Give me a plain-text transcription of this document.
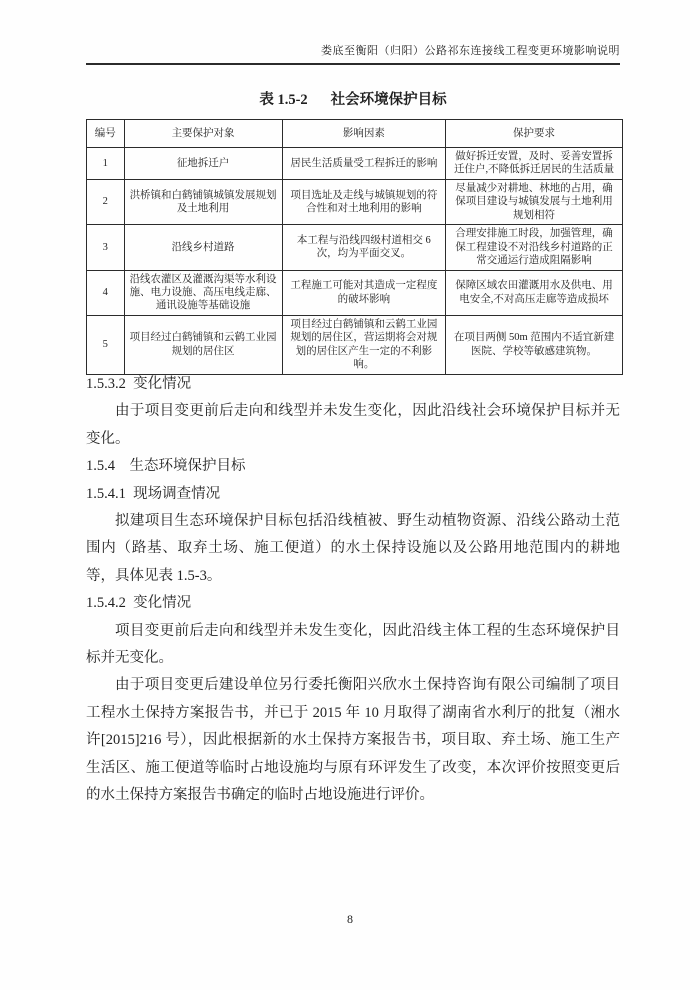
娄底至衡阳（归阳）公路祁东连接线工程变更环境影响说明
表 1.5-2 社会环境保护目标
编号	主要保护对象	影响因素	保护要求
1	征地拆迁户	居民生活质量受工程拆迁的影响	做好拆迁安置，及时、妥善安置拆迁住户,不降低拆迁居民的生活质量
2	洪桥镇和白鹤铺镇城镇发展规划及土地利用	项目选址及走线与城镇规划的符合性和对土地利用的影响	尽量减少对耕地、林地的占用，确保项目建设与城镇发展与土地利用规划相符
3	沿线乡村道路	本工程与沿线四级村道相交 6 次，均为平面交叉。	合理安排施工时段，加强管理，确保工程建设不对沿线乡村道路的正常交通运行造成阻隔影响
4	沿线农灌区及灌溉沟渠等水利设施、电力设施、高压电线走廊、通讯设施等基础设施	工程施工可能对其造成一定程度的破坏影响	保障区域农田灌溉用水及供电、用电安全,不对高压走廊等造成损坏
5	项目经过白鹤铺镇和云鹤工业园规划的居住区	项目经过白鹤铺镇和云鹤工业园规划的居住区，营运期将会对规划的居住区产生一定的不利影响。	在项目两侧 50m 范围内不适宜新建医院、学校等敏感建筑物。
1.5.3.2  变化情况
由于项目变更前后走向和线型并未发生变化，因此沿线社会环境保护目标并无变化。
1.5.4    生态环境保护目标
1.5.4.1  现场调查情况
拟建项目生态环境保护目标包括沿线植被、野生动植物资源、沿线公路动土范围内（路基、取弃土场、施工便道）的水土保持设施以及公路用地范围内的耕地等，具体见表 1.5-3。
1.5.4.2  变化情况
项目变更前后走向和线型并未发生变化，因此沿线主体工程的生态环境保护目标并无变化。
由于项目变更后建设单位另行委托衡阳兴欣水土保持咨询有限公司编制了项目工程水土保持方案报告书，并已于 2015 年 10 月取得了湖南省水利厅的批复（湘水许[2015]216 号），因此根据新的水土保持方案报告书，项目取、弃土场、施工生产生活区、施工便道等临时占地设施均与原有环评发生了改变，本次评价按照变更后的水土保持方案报告书确定的临时占地设施进行评价。
8
